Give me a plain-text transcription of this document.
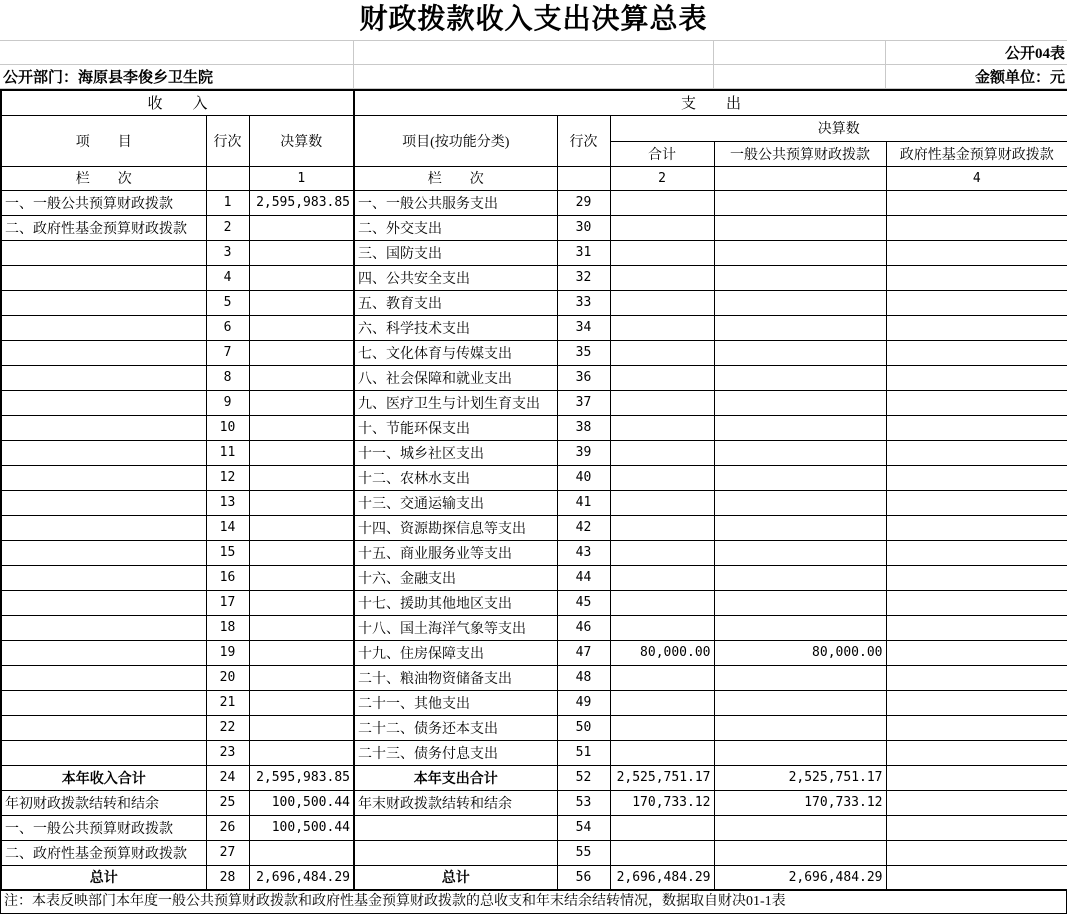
财政拨款收入支出决算总表
			公开04表
公开部门：海原县李俊乡卫生院			金额单位：元
收　　入			支　　出				
项　　目	行次	决算数	项目(按功能分类)	行次	决算数		
					合计	一般公共预算财政拨款	政府性基金预算财政拨款
栏　　次		1	栏　　次		2		4
一、一般公共预算财政拨款	1	2,595,983.85	一、一般公共服务支出	29			
二、政府性基金预算财政拨款	2		二、外交支出	30			
	3		三、国防支出	31			
	4		四、公共安全支出	32			
	5		五、教育支出	33			
	6		六、科学技术支出	34			
	7		七、文化体育与传媒支出	35			
	8		八、社会保障和就业支出	36			
	9		九、医疗卫生与计划生育支出	37			
	10		十、节能环保支出	38			
	11		十一、城乡社区支出	39			
	12		十二、农林水支出	40			
	13		十三、交通运输支出	41			
	14		十四、资源勘探信息等支出	42			
	15		十五、商业服务业等支出	43			
	16		十六、金融支出	44			
	17		十七、援助其他地区支出	45			
	18		十八、国土海洋气象等支出	46			
	19		十九、住房保障支出	47	80,000.00	80,000.00	
	20		二十、粮油物资储备支出	48			
	21		二十一、其他支出	49			
	22		二十二、债务还本支出	50			
	23		二十三、债务付息支出	51			
本年收入合计	24	2,595,983.85	本年支出合计	52	2,525,751.17	2,525,751.17	
年初财政拨款结转和结余	25	100,500.44	年末财政拨款结转和结余	53	170,733.12	170,733.12	
一、一般公共预算财政拨款	26	100,500.44		54			
二、政府性基金预算财政拨款	27			55			
总计	28	2,696,484.29	总计	56	2,696,484.29	2,696,484.29	
注：本表反映部门本年度一般公共预算财政拨款和政府性基金预算财政拨款的总收支和年末结余结转情况，数据取自财决01-1表
